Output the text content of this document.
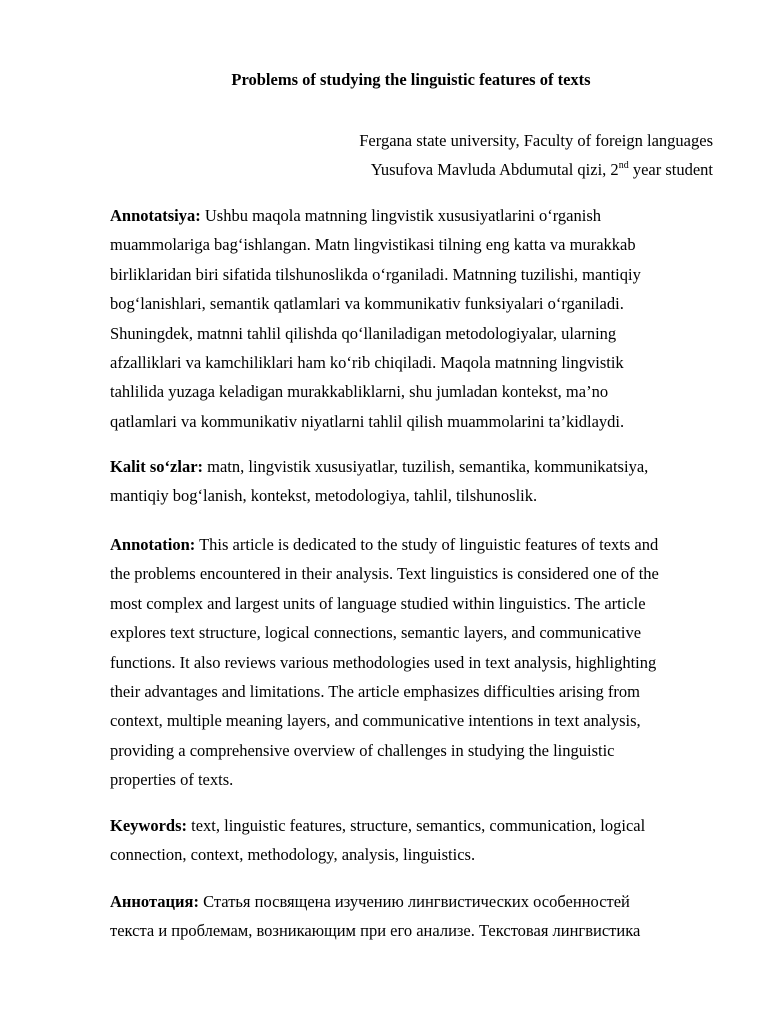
Problems of studying the linguistic features of texts
Fergana state university, Faculty of foreign languages
Yusufova Mavluda Abdumutal qizi, 2nd year student
Annotatsiya: Ushbu maqola matnning lingvistik xususiyatlarini o‘rganish
muammolariga bag‘ishlangan. Matn lingvistikasi tilning eng katta va murakkab
birliklaridan biri sifatida tilshunoslikda o‘rganiladi. Matnning tuzilishi, mantiqiy
bog‘lanishlari, semantik qatlamlari va kommunikativ funksiyalari o‘rganiladi.
Shuningdek, matnni tahlil qilishda qo‘llaniladigan metodologiyalar, ularning
afzalliklari va kamchiliklari ham ko‘rib chiqiladi. Maqola matnning lingvistik
tahlilida yuzaga keladigan murakkabliklarni, shu jumladan kontekst, ma’no
qatlamlari va kommunikativ niyatlarni tahlil qilish muammolarini ta’kidlaydi.
Kalit so‘zlar: matn, lingvistik xususiyatlar, tuzilish, semantika, kommunikatsiya,
mantiqiy bog‘lanish, kontekst, metodologiya, tahlil, tilshunoslik.
Annotation: This article is dedicated to the study of linguistic features of texts and
the problems encountered in their analysis. Text linguistics is considered one of the
most complex and largest units of language studied within linguistics. The article
explores text structure, logical connections, semantic layers, and communicative
functions. It also reviews various methodologies used in text analysis, highlighting
their advantages and limitations. The article emphasizes difficulties arising from
context, multiple meaning layers, and communicative intentions in text analysis,
providing a comprehensive overview of challenges in studying the linguistic
properties of texts.
Keywords: text, linguistic features, structure, semantics, communication, logical
connection, context, methodology, analysis, linguistics.
Аннотация: Статья посвящена изучению лингвистических особенностей
текста и проблемам, возникающим при его анализе. Текстовая лингвистика
